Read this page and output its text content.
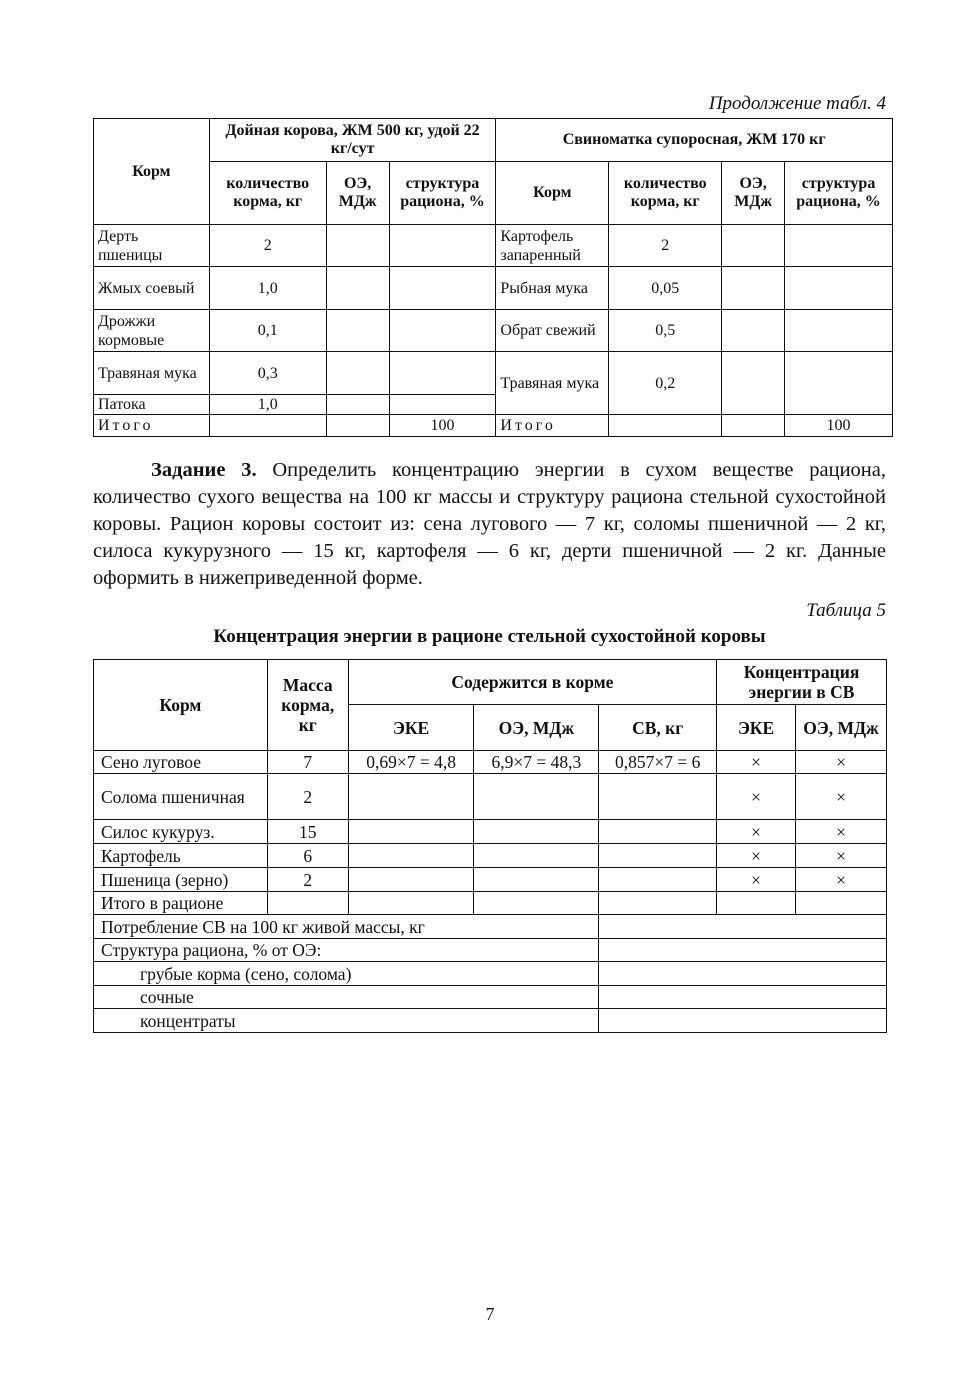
Продолжение табл. 4
Корм	Дойная корова, ЖМ 500 кг, удой 22 кг/сут			Свиноматка супоросная, ЖМ 170 кг			
	количество корма, кг	ОЭ, МДж	структура рациона, %	Корм	количество корма, кг	ОЭ, МДж	структура рациона, %
Дерть пшеницы	2			Картофель запаренный	2		
Жмых соевый	1,0			Рыбная мука	0,05		
Дрожжи кормовые	0,1			Обрат свежий	0,5		
Травяная мука	0,3			Травяная мука	0,2		
Патока	1,0						
Итого			100	Итого			100
Задание 3. Определить концентрацию энергии в сухом веществе рациона, количество сухого вещества на 100 кг массы и структуру рациона стельной сухостойной коровы. Рацион коровы состоит из: сена лугового — 7 кг, соломы пшеничной — 2 кг, силоса кукурузного — 15 кг, картофеля — 6 кг, дерти пшеничной — 2 кг. Данные оформить в нижеприведенной форме.
Таблица 5
Концентрация энергии в рационе стельной сухостойной коровы
Корм	Масса корма, кг	Содержится в корме			Концентрация энергии в СВ	
		ЭКЕ	ОЭ, МДж	СВ, кг	ЭКЕ	ОЭ, МДж
Сено луговое	7	0,69×7 = 4,8	6,9×7 = 48,3	0,857×7 = 6	×	×
Солома пшеничная	2				×	×
Силос кукуруз.	15				×	×
Картофель	6				×	×
Пшеница (зерно)	2				×	×
Итого в рационе						
Потребление СВ на 100 кг живой массы, кг						
Структура рациона, % от ОЭ:						
грубые корма (сено, солома)						
сочные						
концентраты						
7
